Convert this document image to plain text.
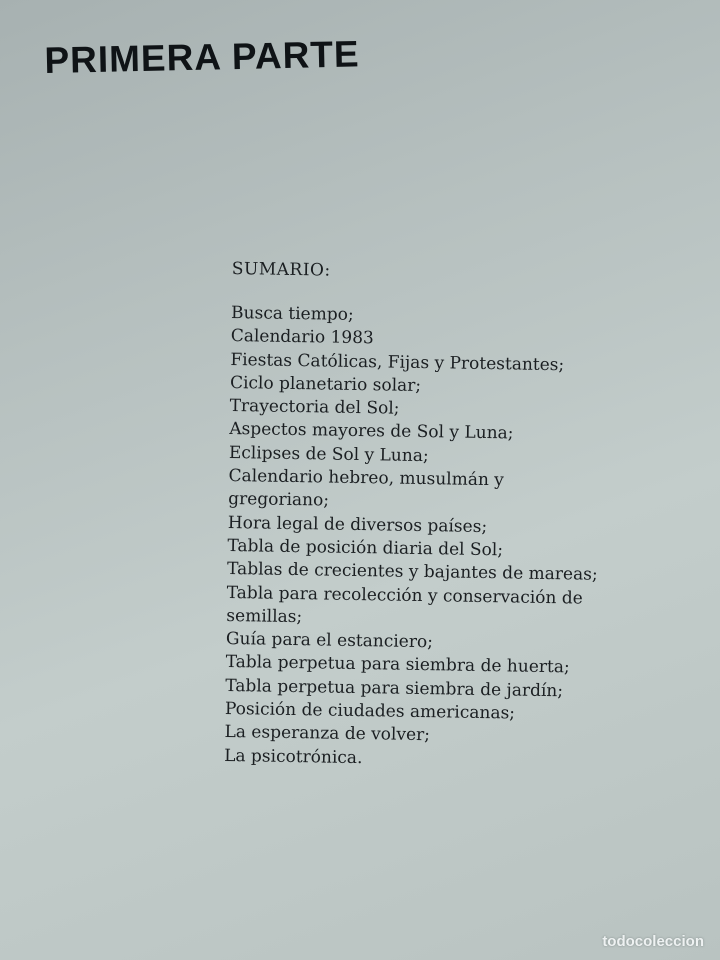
PRIMERA PARTE
SUMARIO:
Busca tiempo;
Calendario 1983
Fiestas Católicas, Fijas y Protestantes;
Ciclo planetario solar;
Trayectoria del Sol;
Aspectos mayores de Sol y Luna;
Eclipses de Sol y Luna;
Calendario hebreo, musulmán y
gregoriano;
Hora legal de diversos países;
Tabla de posición diaria del Sol;
Tablas de crecientes y bajantes de mareas;
Tabla para recolección y conservación de
semillas;
Guía para el estanciero;
Tabla perpetua para siembra de huerta;
Tabla perpetua para siembra de jardín;
Posición de ciudades americanas;
La esperanza de volver;
La psicotrónica.
todocoleccion
